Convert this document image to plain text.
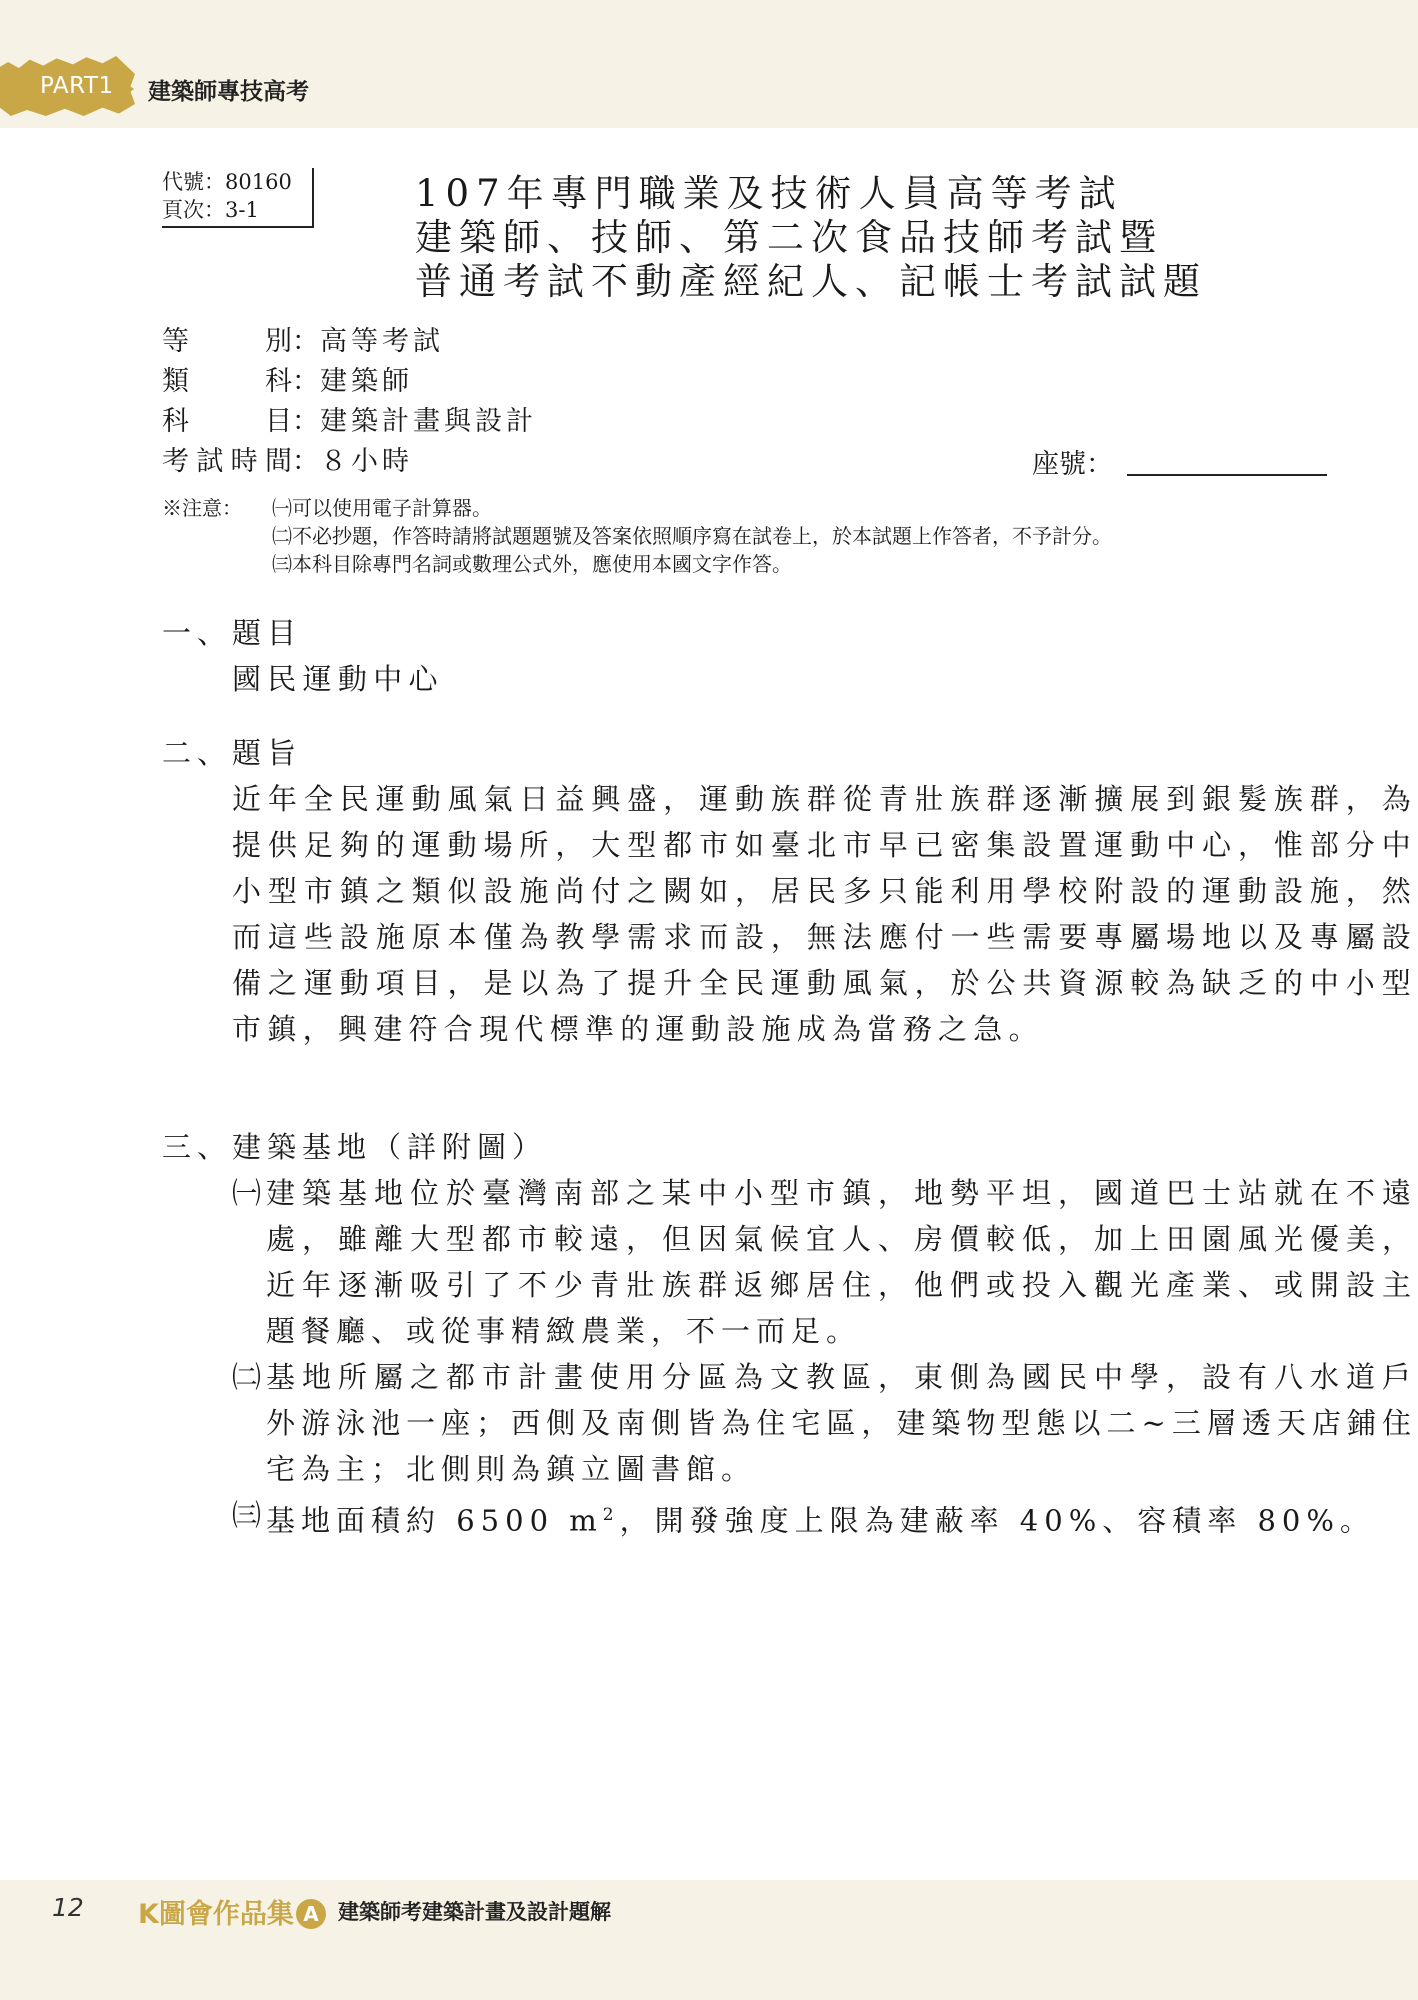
PART1 建築師專技高考
代號：80160
頁次：3-1	107年專門職業及技術人員高等考試
建築師、技師、第二次食品技師考試暨
普通考試不動產經紀人、記帳士考試試題
等別：高等考試
類科：建築師
科目：建築計畫與設計
考試時間：８小時	座號：
※注意： ㈠可以使用電子計算器。
㈡不必抄題，作答時請將試題題號及答案依照順序寫在試卷上，於本試題上作答者，不予計分。
㈢本科目除專門名詞或數理公式外，應使用本國文字作答。
一、題目
國民運動中心
二、題旨
近年全民運動風氣日益興盛，運動族群從青壯族群逐漸擴展到銀髮族群，為提供足夠的運動場所，大型都市如臺北市早已密集設置運動中心，惟部分中小型市鎮之類似設施尚付之闕如，居民多只能利用學校附設的運動設施，然而這些設施原本僅為教學需求而設，無法應付一些需要專屬場地以及專屬設備之運動項目，是以為了提升全民運動風氣，於公共資源較為缺乏的中小型市鎮，興建符合現代標準的運動設施成為當務之急。
三、建築基地（詳附圖）
㈠ 建築基地位於臺灣南部之某中小型市鎮，地勢平坦，國道巴士站就在不遠處，雖離大型都市較遠，但因氣候宜人、房價較低，加上田園風光優美，近年逐漸吸引了不少青壯族群返鄉居住，他們或投入觀光產業、或開設主題餐廳、或從事精緻農業，不一而足。
㈡ 基地所屬之都市計畫使用分區為文教區，東側為國民中學，設有八水道戶外游泳池一座；西側及南側皆為住宅區，建築物型態以二~三層透天店鋪住宅為主；北側則為鎮立圖書館。
㈢ 基地面積約 6500 $m^2$，開發強度上限為建蔽率 40%、容積率 80%。
12 K圖會作品集 A 建築師考建築計畫及設計題解
